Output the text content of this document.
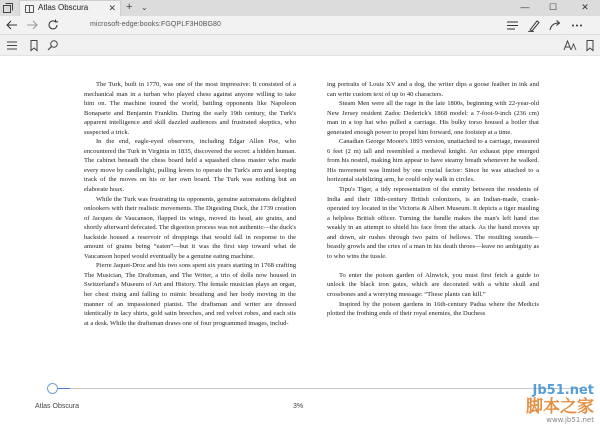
Atlas Obscura ✕ + ⌄	—	☐	✕
microsoft-edge:books:FGQPLF3H0BG80

The Turk, built in 1770, was one of the most impressive: It consisted of a mechanical man in a turban who played chess against anyone willing to take him on. The machine toured the world, battling opponents like Napoleon Bonaparte and Benjamin Franklin. During the early 19th century, the Turk's apparent intelligence and skill dazzled audiences and frustrated skeptics, who suspected a trick.

In the end, eagle-eyed observers, including Edgar Allen Poe, who encountered the Turk in Virginia in 1835, discovered the secret: a hidden human. The cabinet beneath the chess board held a squashed chess master who made every move by candlelight, pulling levers to operate the Turk's arm and keeping track of the moves on his or her own board. The Turk was nothing but an elaborate hoax.

While the Turk was frustrating its opponents, genuine automatons delighted onlookers with their realistic movements. The Digesting Duck, the 1739 creation of Jacques de Vaucanson, flapped its wings, moved its head, ate grains, and shortly afterward defecated. The digestion process was not authentic—the duck's backside housed a reservoir of droppings that would fall in response to the amount of grains being “eaten”—but it was the first step toward what de Vaucanson hoped would eventually be a genuine eating machine.

Pierre Jaquet-Droz and his two sons spent six years starting in 1768 crafting The Musician, The Draftsman, and The Writer, a trio of dolls now housed in Switzerland's Museum of Art and History. The female musician plays an organ, her chest rising and falling to mimic breathing and her body moving in the manner of an impassioned pianist. The draftsman and writer are dressed identically in lacy shirts, gold satin breeches, and red velvet robes, and each sits at a desk. While the draftsman draws one of four programmed images, includ-

ing portraits of Louis XV and a dog, the writer dips a goose feather in ink and can write custom text of up to 40 characters.

Steam Men were all the rage in the late 1800s, beginning with 22-year-old New Jersey resident Zadoc Dederick's 1868 model: a 7-foot-9-inch (236 cm) man in a top hat who pulled a carriage. His bulky torso housed a boiler that generated enough power to propel him forward, one footstep at a time.

Canadian George Moore's 1893 version, unattached to a carriage, measured 6 feet (2 m) tall and resembled a medieval knight. An exhaust pipe emerged from his nostril, making him appear to have steamy breath whenever he walked. His movement was limited by one crucial factor: Since he was attached to a horizontal stabilizing arm, he could only walk in circles.

Tipu's Tiger, a tidy representation of the enmity between the residents of India and their 18th-century British colonizers, is an Indian-made, crank-operated toy located in the Victoria & Albert Museum. It depicts a tiger mauling a helpless British officer. Turning the handle makes the man's left hand rise weakly in an attempt to shield his face from the attack. As the hand moves up and down, air rushes through two pairs of bellows. The resulting sounds—beastly growls and the cries of a man in his death throes—leave no ambiguity as to who wins the tussle.

To enter the poison garden of Alnwick, you must first fetch a guide to unlock the black iron gates, which are decorated with a white skull and crossbones and a worrying message: “These plants can kill.”

Inspired by the poison gardens in 16th-century Padua where the Medicis plotted the frothing ends of their royal enemies, the Duchess

Atlas Obscura	3%
Jb51.net
脚本之家
www.jb51.net
